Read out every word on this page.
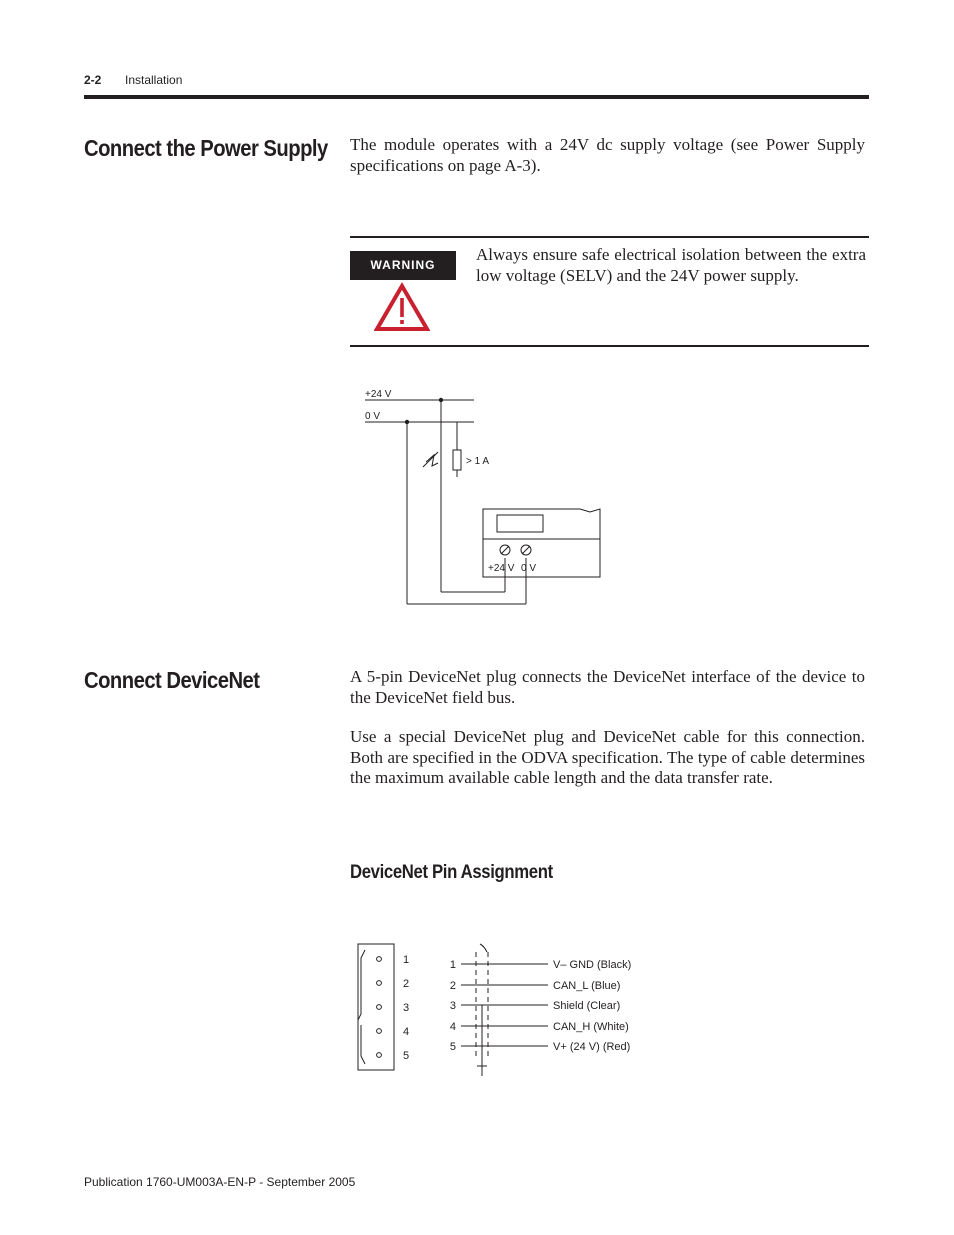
2-2 Installation
Connect the Power Supply The module operates with a 24V dc supply voltage (see Power Supply specifications on page A-3).

WARNING

Always ensure safe electrical isolation between the extra low voltage (SELV) and the 24V power supply.

+24 V
0 V
> 1 A
+24 V 0 V
Connect DeviceNet	A 5-pin DeviceNet plug connects the DeviceNet interface of the device to the DeviceNet field bus.

Use a special DeviceNet plug and DeviceNet cable for this connection. Both are specified in the ODVA specification. The type of cable determines the maximum available cable length and the data transfer rate.

DeviceNet Pin Assignment
1
2
3
4
5
1
2
3
4
5
V– GND (Black)
CAN_L (Blue)
Shield (Clear)
CAN_H (White)
V+ (24 V) (Red)
Publication 1760-UM003A-EN-P - September 2005
